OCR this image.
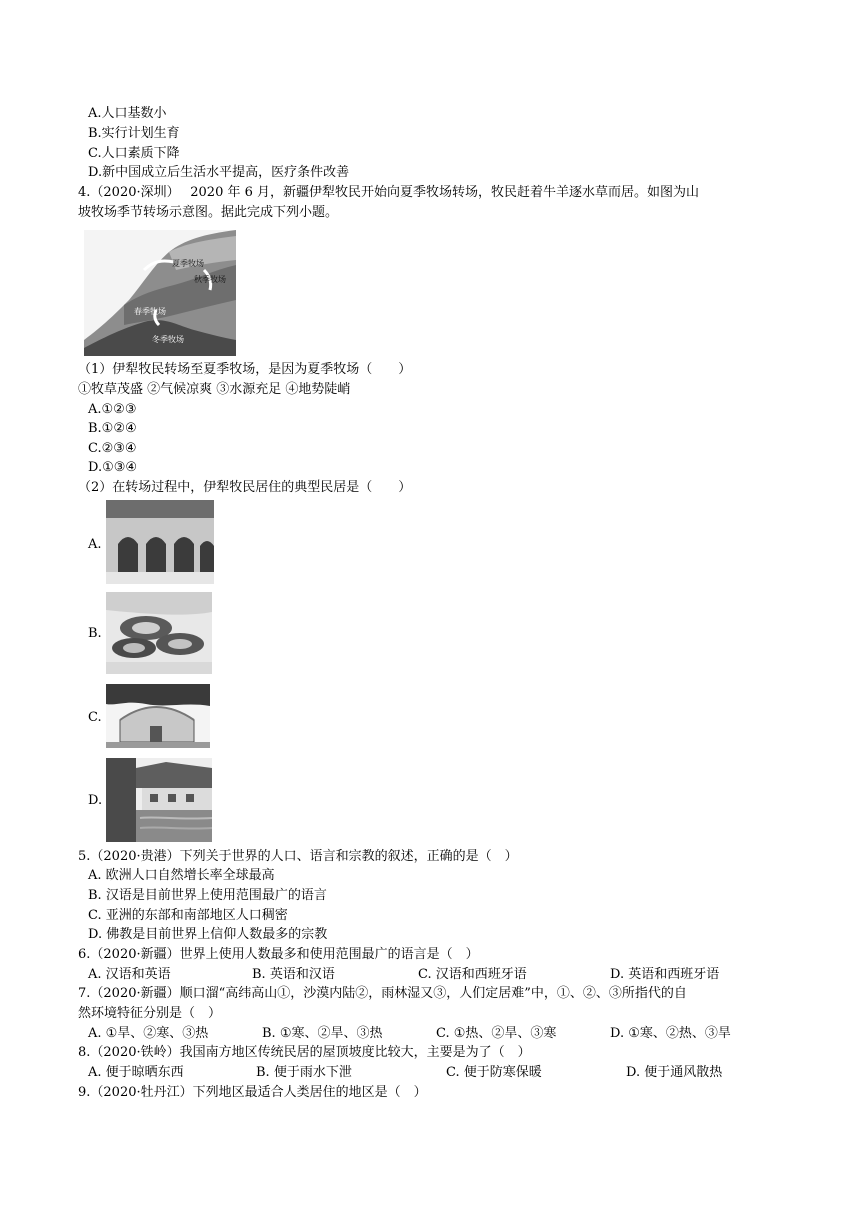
A.人口基数小
B.实行计划生育
C.人口素质下降
D.新中国成立后生活水平提高，医疗条件改善
4.（2020·深圳）　 2020 年 6 月，新疆伊犁牧民开始向夏季牧场转场，牧民赶着牛羊逐水草而居。如图为山
坡牧场季节转场示意图。据此完成下列小题。
夏季牧场
秋季牧场
春季牧场
冬季牧场
（1）伊犁牧民转场至夏季牧场，是因为夏季牧场（　　）
①牧草茂盛 ②气候凉爽 ③水源充足 ④地势陡峭
A.①②③
B.①②④
C.②③④
D.①③④
（2）在转场过程中，伊犁牧民居住的典型民居是（　　）
A.
B.
C.
D.
5.（2020·贵港）下列关于世界的人口、语言和宗教的叙述，正确的是（　）
A. 欧洲人口自然增长率全球最高
B. 汉语是目前世界上使用范围最广的语言
C. 亚洲的东部和南部地区人口稠密
D. 佛教是目前世界上信仰人数最多的宗教
6.（2020·新疆）世界上使用人数最多和使用范围最广的语言是（　）
A. 汉语和英语	B. 英语和汉语	C. 汉语和西班牙语	D. 英语和西班牙语
7.（2020·新疆）顺口溜“高纬高山①，沙漠内陆②，雨林湿又③，人们定居难”中，①、②、③所指代的自
然环境特征分别是（　）
A. ①旱、②寒、③热	B. ①寒、②旱、③热	C. ①热、②旱、③寒	D. ①寒、②热、③旱
8.（2020·铁岭）我国南方地区传统民居的屋顶坡度比较大，主要是为了（　）
A. 便于晾晒东西	B. 便于雨水下泄	C. 便于防寒保暖	D. 便于通风散热
9.（2020·牡丹江）下列地区最适合人类居住的地区是（　）
